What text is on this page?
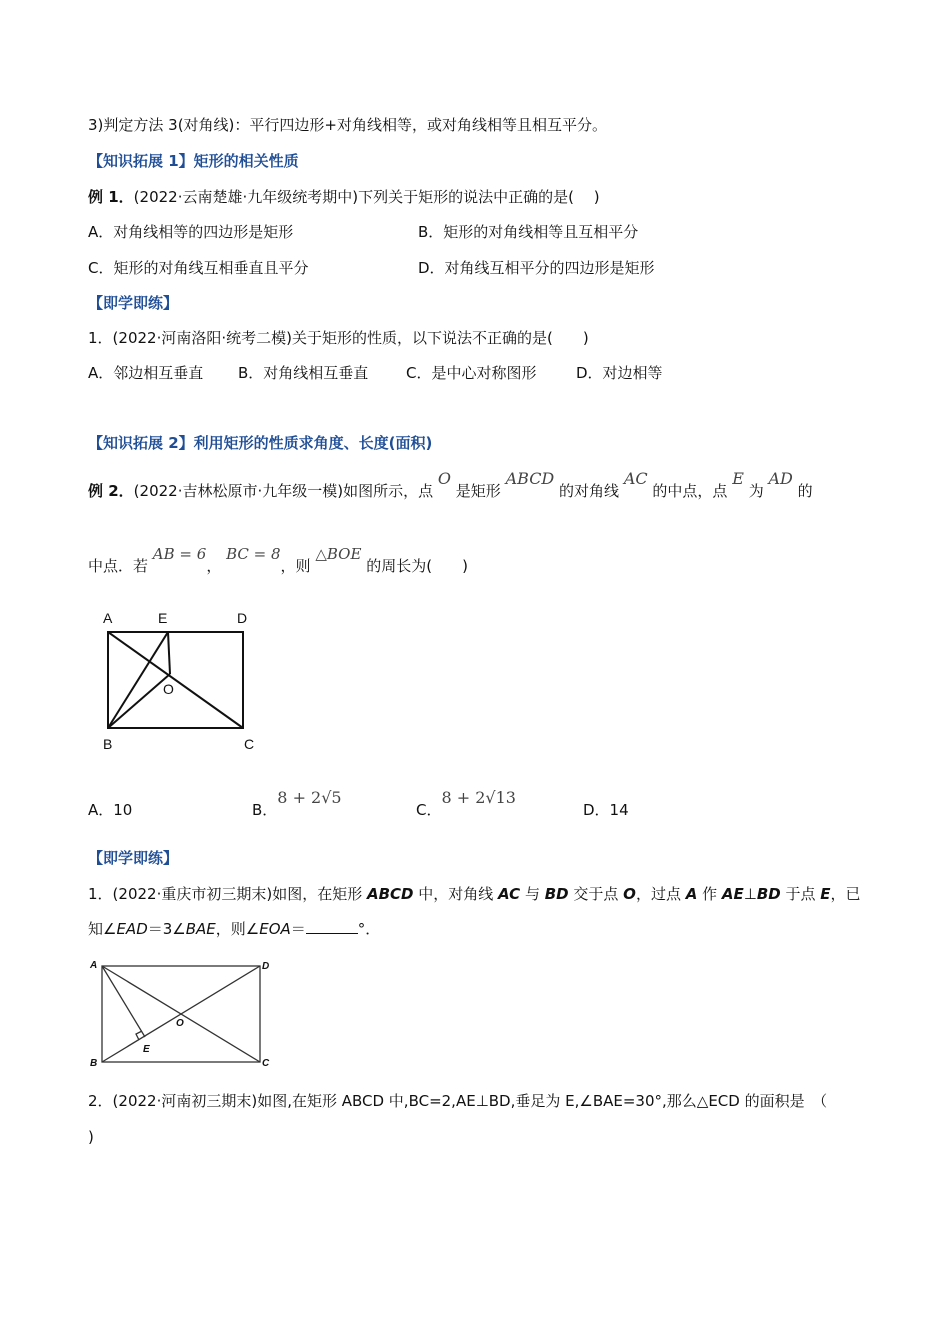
3)判定方法 3(对角线)：平行四边形+对角线相等，或对角线相等且相互平分。
【知识拓展 1】矩形的相关性质
例 1．(2022·云南楚雄·九年级统考期中)下列关于矩形的说法中正确的是(　 )
A．对角线相等的四边形是矩形	B．矩形的对角线相等且互相平分
C．矩形的对角线互相垂直且平分	D．对角线互相平分的四边形是矩形
【即学即练】
1．(2022·河南洛阳·统考二模)关于矩形的性质，以下说法不正确的是(　　)
A．邻边相互垂直 B．对角线相互垂直	C．是中心对称图形	D．对边相等
【知识拓展 2】利用矩形的性质求角度、长度(面积)
例 2．(2022·吉林松原市·九年级一模)如图所示，点 O 是矩形 ABCD 的对角线 AC 的中点，点 E 为 AD 的
中点．若 AB = 6， BC = 8，则 △BOE 的周长为(　　)
A	E	D
O
B	C
A．10	B．8 + 2√5
C．8 + 2√13
D．14
【即学即练】
1．(2022·重庆市初三期末)如图，在矩形 ABCD 中，对角线 AC 与 BD 交于点 O，过点 A 作 AE⊥BD 于点 E，已
知∠EAD＝3∠BAE，则∠EOA＝	°．
A	D
O
E
B	C
2．(2022·河南初三期末)如图,在矩形 ABCD 中,BC=2,AE⊥BD,垂足为 E,∠BAE=30°,那么△ECD 的面积是　（
)
